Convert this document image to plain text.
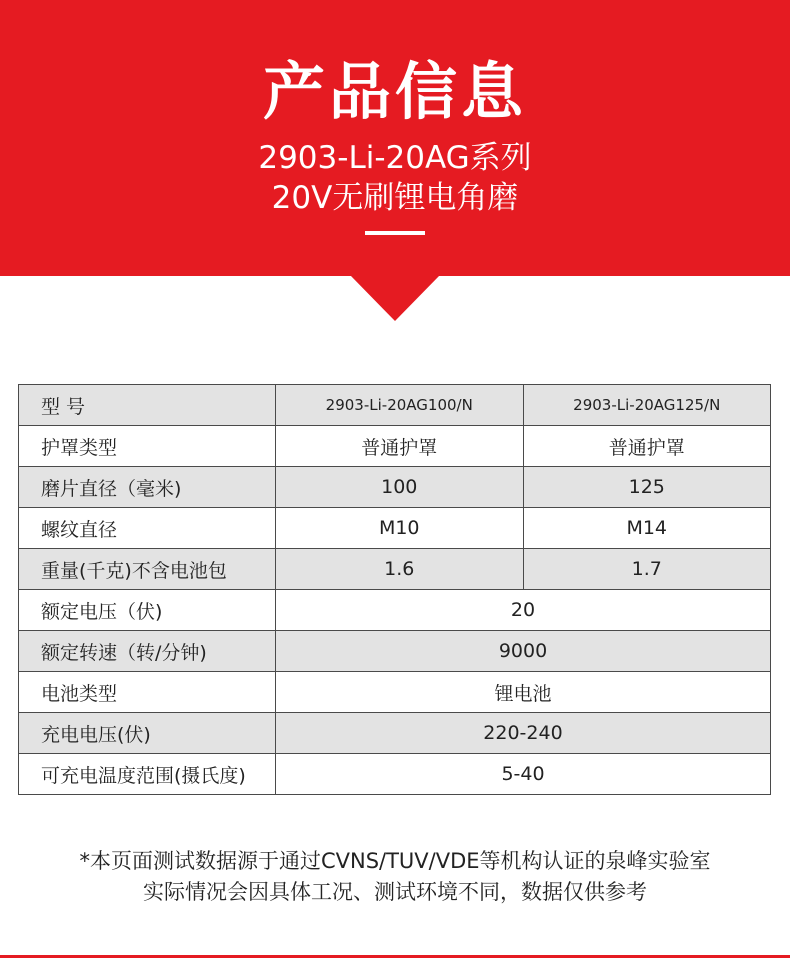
产品信息
2903-Li-20AG系列
20V无刷锂电角磨
型 号	2903-Li-20AG100/N	2903-Li-20AG125/N
护罩类型	普通护罩	普通护罩
磨片直径（毫米)	100	125
螺纹直径	M10	M14
重量(千克)不含电池包	1.6	1.7
额定电压（伏)	20	
额定转速（转/分钟)	9000	
电池类型	锂电池	
充电电压(伏)	220-240	
可充电温度范围(摄氏度)	5-40	
*本页面测试数据源于通过CVNS/TUV/VDE等机构认证的泉峰实验室
实际情况会因具体工况、测试环境不同，数据仅供参考
